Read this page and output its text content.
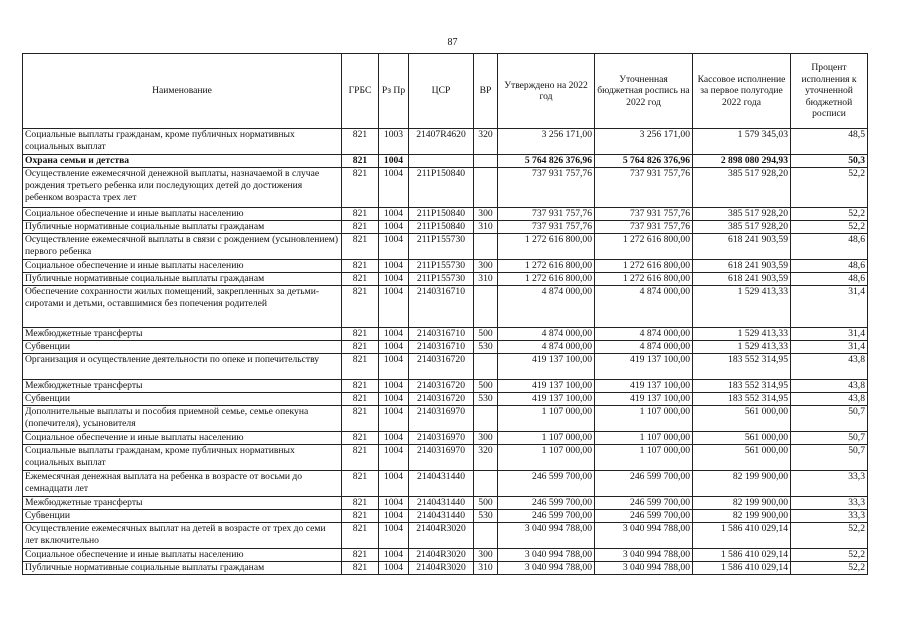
87
Наименование	ГРБС	Рз Пр	ЦСР	ВР	Утверждено на 2022 год	Уточненная бюджетная роспись на 2022 год	Кассовое исполнение за первое полугодие 2022 года	Процент исполнения к уточненной бюджетной росписи
Социальные выплаты гражданам, кроме публичных нормативных социальных выплат	821	1003	21407R4620	320	3 256 171,00	3 256 171,00	1 579 345,03	48,5
Охрана семьи и детства	821	1004			5 764 826 376,96	5 764 826 376,96	2 898 080 294,93	50,3
Осуществление ежемесячной денежной выплаты, назначаемой в случае рождения третьего ребенка или последующих детей до достижения ребенком возраста трех лет	821	1004	211P150840		737 931 757,76	737 931 757,76	385 517 928,20	52,2
Социальное обеспечение и иные выплаты населению	821	1004	211P150840	300	737 931 757,76	737 931 757,76	385 517 928,20	52,2
Публичные нормативные социальные выплаты гражданам	821	1004	211P150840	310	737 931 757,76	737 931 757,76	385 517 928,20	52,2
Осуществление ежемесячной выплаты в связи с рождением (усыновлением) первого ребенка	821	1004	211P155730		1 272 616 800,00	1 272 616 800,00	618 241 903,59	48,6
Социальное обеспечение и иные выплаты населению	821	1004	211P155730	300	1 272 616 800,00	1 272 616 800,00	618 241 903,59	48,6
Публичные нормативные социальные выплаты гражданам	821	1004	211P155730	310	1 272 616 800,00	1 272 616 800,00	618 241 903,59	48,6
Обеспечение сохранности жилых помещений, закрепленных за детьми-сиротами и детьми, оставшимися без попечения родителей	821	1004	2140316710		4 874 000,00	4 874 000,00	1 529 413,33	31,4
Межбюджетные трансферты	821	1004	2140316710	500	4 874 000,00	4 874 000,00	1 529 413,33	31,4
Субвенции	821	1004	2140316710	530	4 874 000,00	4 874 000,00	1 529 413,33	31,4
Организация и осуществление деятельности по опеке и попечительству	821	1004	2140316720		419 137 100,00	419 137 100,00	183 552 314,95	43,8
Межбюджетные трансферты	821	1004	2140316720	500	419 137 100,00	419 137 100,00	183 552 314,95	43,8
Субвенции	821	1004	2140316720	530	419 137 100,00	419 137 100,00	183 552 314,95	43,8
Дополнительные выплаты и пособия приемной семье, семье опекуна (попечителя), усыновителя	821	1004	2140316970		1 107 000,00	1 107 000,00	561 000,00	50,7
Социальное обеспечение и иные выплаты населению	821	1004	2140316970	300	1 107 000,00	1 107 000,00	561 000,00	50,7
Социальные выплаты гражданам, кроме публичных нормативных социальных выплат	821	1004	2140316970	320	1 107 000,00	1 107 000,00	561 000,00	50,7
Ежемесячная денежная выплата на ребенка в возрасте от восьми до семнадцати лет	821	1004	2140431440		246 599 700,00	246 599 700,00	82 199 900,00	33,3
Межбюджетные трансферты	821	1004	2140431440	500	246 599 700,00	246 599 700,00	82 199 900,00	33,3
Субвенции	821	1004	2140431440	530	246 599 700,00	246 599 700,00	82 199 900,00	33,3
Осуществление ежемесячных выплат на детей в возрасте от трех до семи лет включительно	821	1004	21404R3020		3 040 994 788,00	3 040 994 788,00	1 586 410 029,14	52,2
Социальное обеспечение и иные выплаты населению	821	1004	21404R3020	300	3 040 994 788,00	3 040 994 788,00	1 586 410 029,14	52,2
Публичные нормативные социальные выплаты гражданам	821	1004	21404R3020	310	3 040 994 788,00	3 040 994 788,00	1 586 410 029,14	52,2
